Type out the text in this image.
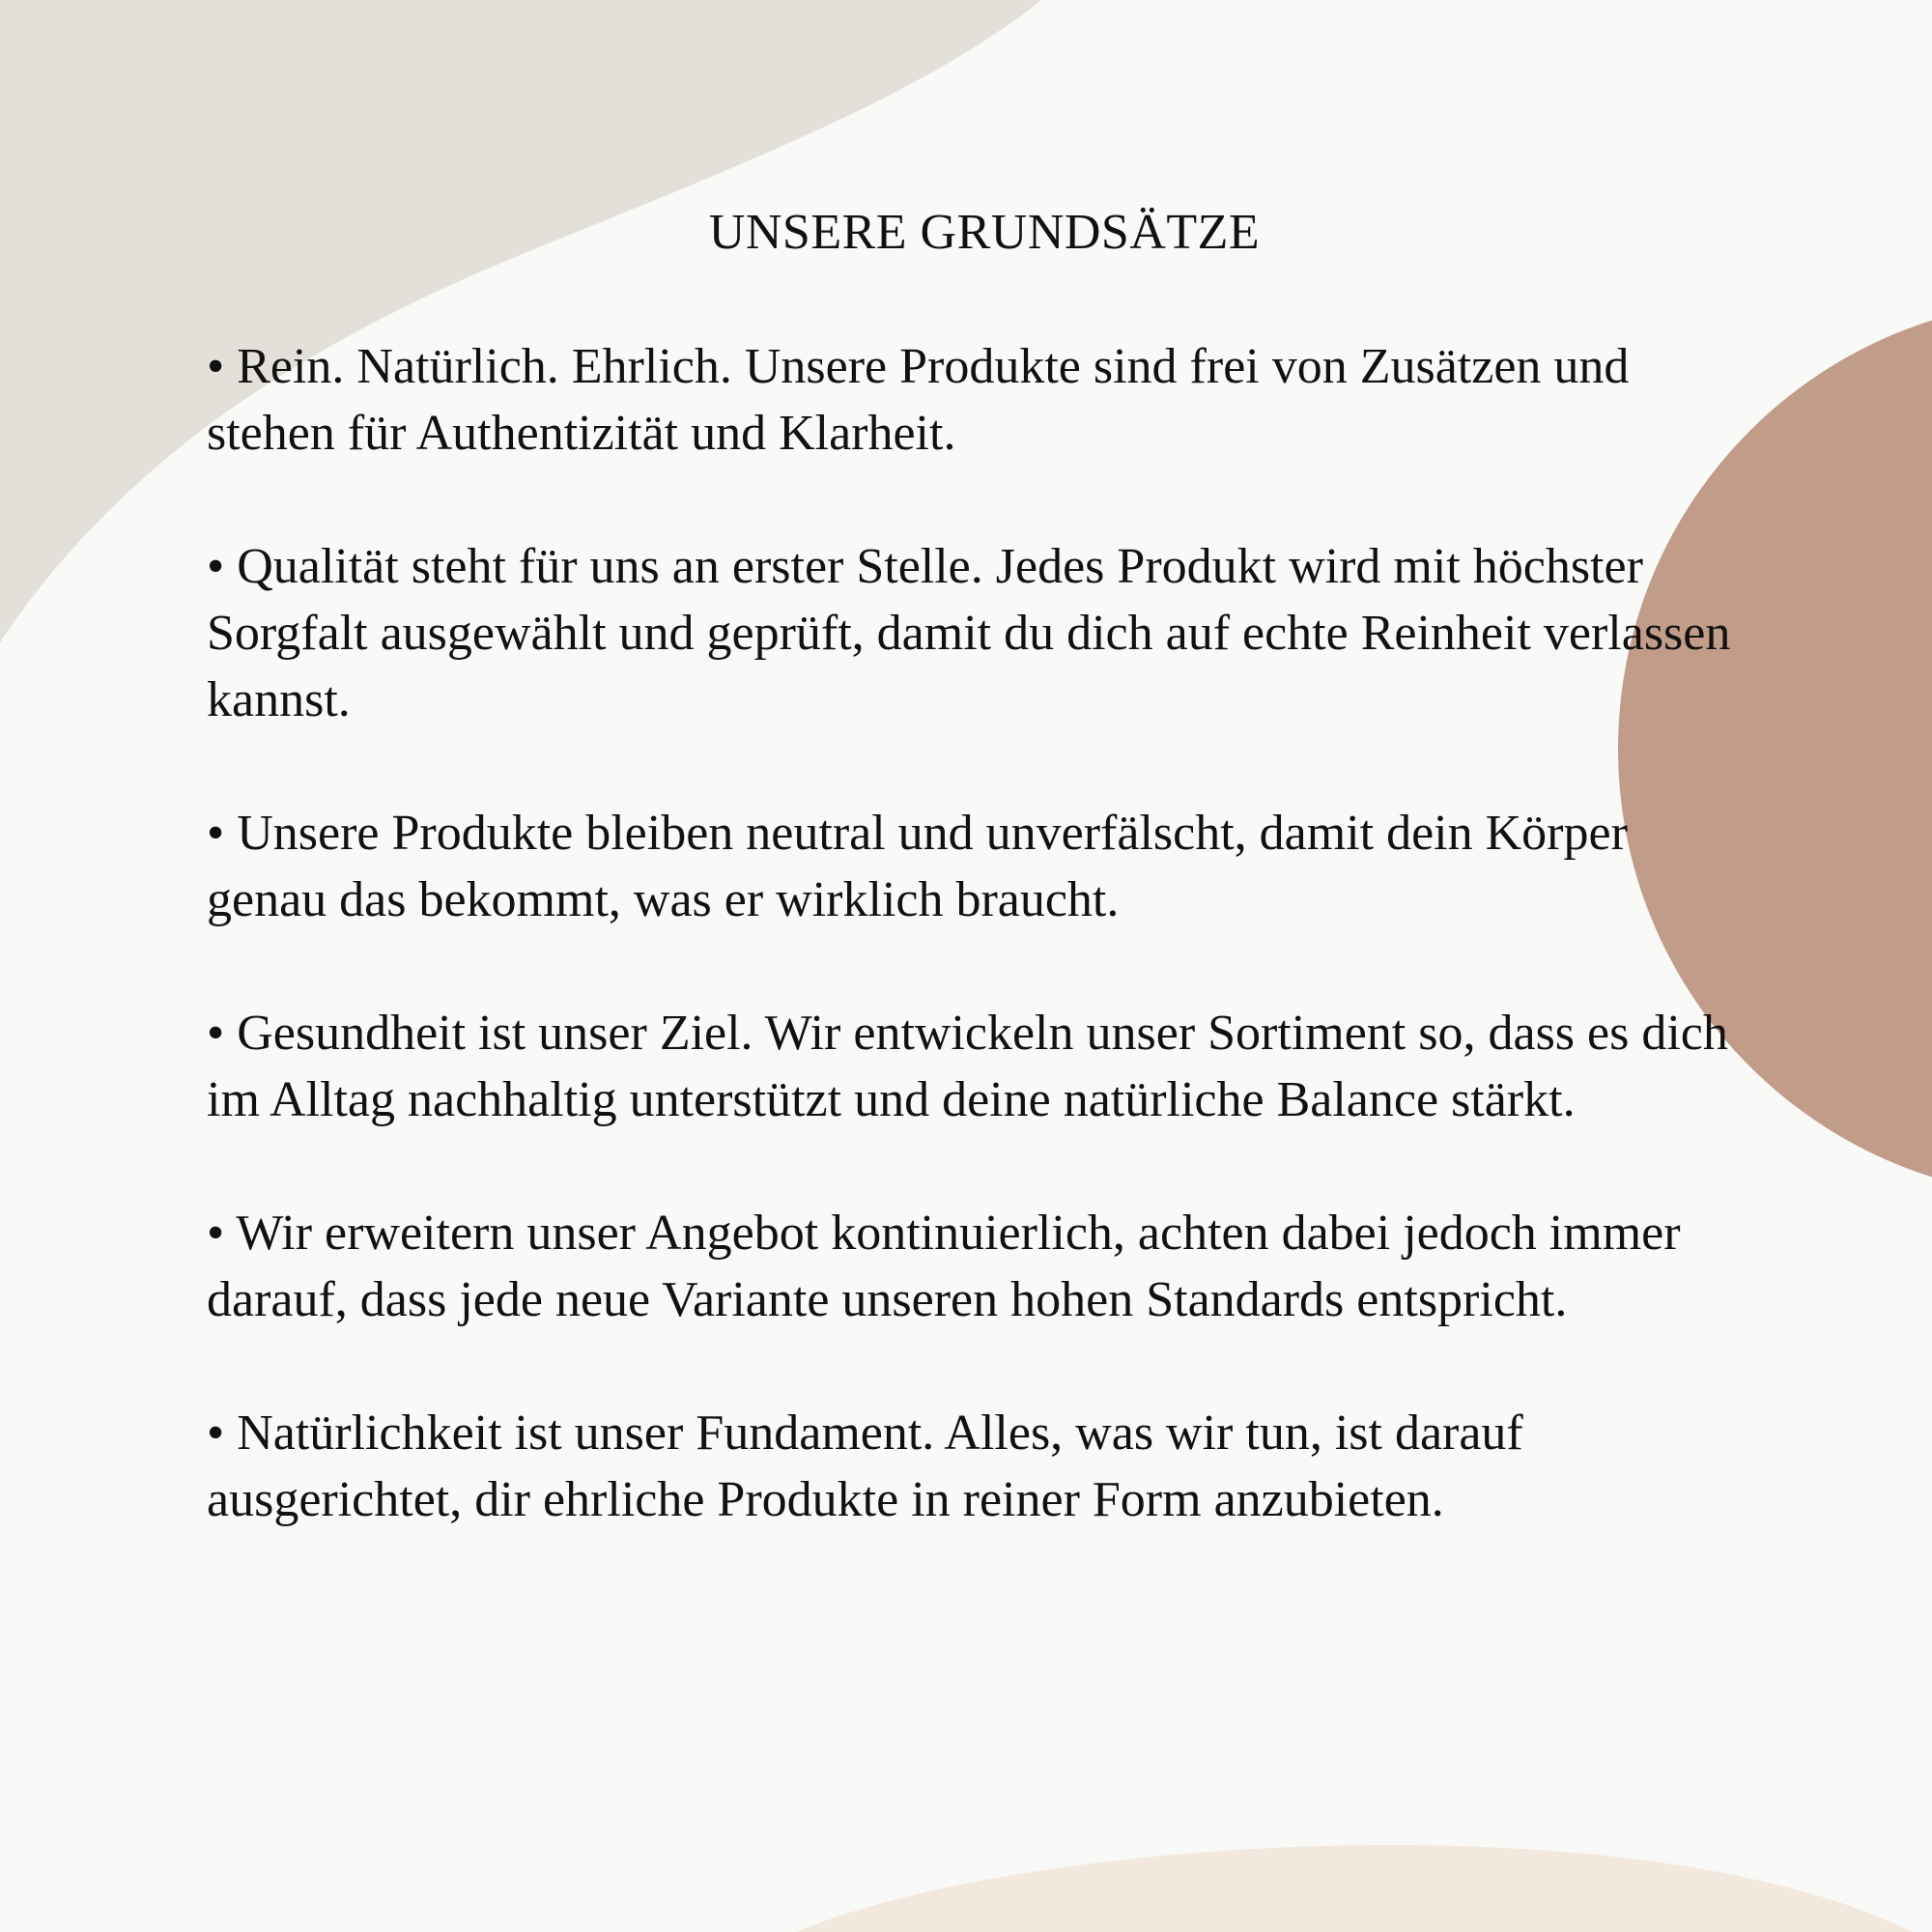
UNSERE GRUNDSÄTZE
• Rein. Natürlich. Ehrlich. Unsere Produkte sind frei von Zusätzen und stehen für Authentizität und Klarheit.
• Qualität steht für uns an erster Stelle. Jedes Produkt wird mit höchster Sorgfalt ausgewählt und geprüft, damit du dich auf echte Reinheit verlassen kannst.
• Unsere Produkte bleiben neutral und unverfälscht, damit dein Körper genau das bekommt, was er wirklich braucht.
• Gesundheit ist unser Ziel. Wir entwickeln unser Sortiment so, dass es dich im Alltag nachhaltig unterstützt und deine natürliche Balance stärkt.
• Wir erweitern unser Angebot kontinuierlich, achten dabei jedoch immer darauf, dass jede neue Variante unseren hohen Standards entspricht.
• Natürlichkeit ist unser Fundament. Alles, was wir tun, ist darauf ausgerichtet, dir ehrliche Produkte in reiner Form anzubieten.
